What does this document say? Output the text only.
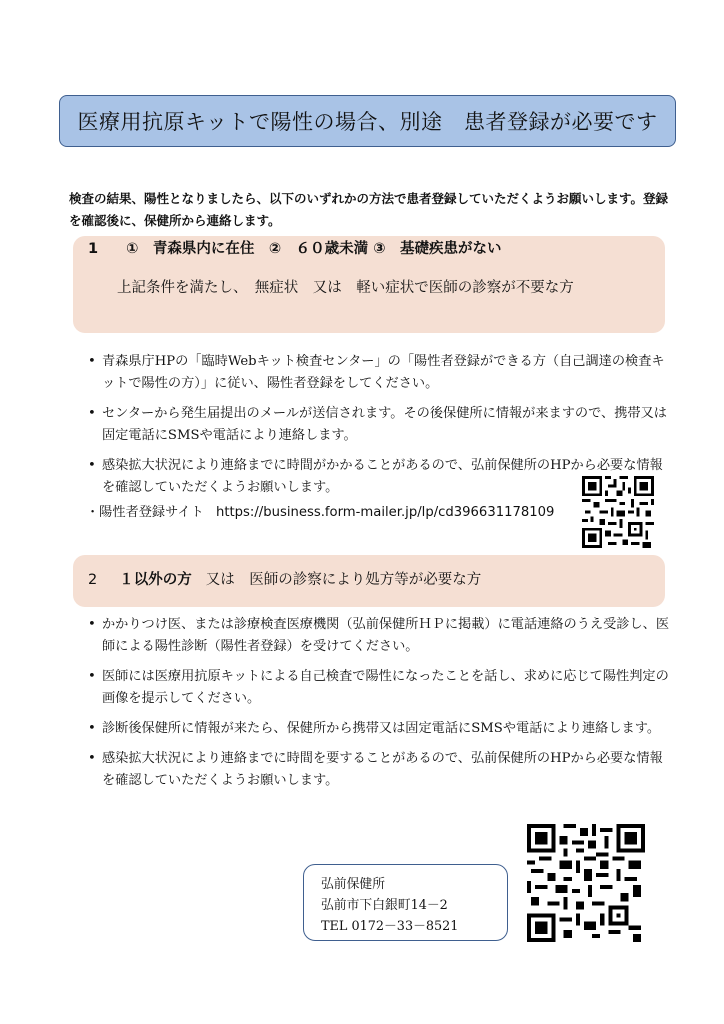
医療用抗原キットで陽性の場合、別途　患者登録が必要です
検査の結果、陽性となりましたら、以下のいずれかの方法で患者登録していただくようお願いします。登録を確認後に、保健所から連絡します。
1 ①　青森県内に在住　②　６０歳未満 ③　基礎疾患がない
上記条件を満たし、　無症状　又は　軽い症状で医師の診察が不要な方
• 青森県庁HPの「臨時Webキット検査センター」の「陽性者登録ができる方（自己調達の検査キットで陽性の方）」に従い、陽性者登録をしてください。
• センターから発生届提出のメールが送信されます。その後保健所に情報が来ますので、携帯又は固定電話にSMSや電話により連絡します。
• 感染拡大状況により連絡までに時間がかかることがあるので、弘前保健所のHPから必要な情報を確認していただくようお願いします。
・陽性者登録サイト https://business.form-mailer.jp/lp/cd396631178109
2 １以外の方 又は　医師の診察により処方等が必要な方
• かかりつけ医、または診療検査医療機関（弘前保健所ＨＰに掲載）に電話連絡のうえ受診し、医師による陽性診断（陽性者登録）を受けてください。
• 医師には医療用抗原キットによる自己検査で陽性になったことを話し、求めに応じて陽性判定の画像を提示してください。
• 診断後保健所に情報が来たら、保健所から携帯又は固定電話にSMSや電話により連絡します。
• 感染拡大状況により連絡までに時間を要することがあるので、弘前保健所のHPから必要な情報を確認していただくようお願いします。
弘前保健所
弘前市下白銀町14－2
TEL 0172－33－8521
